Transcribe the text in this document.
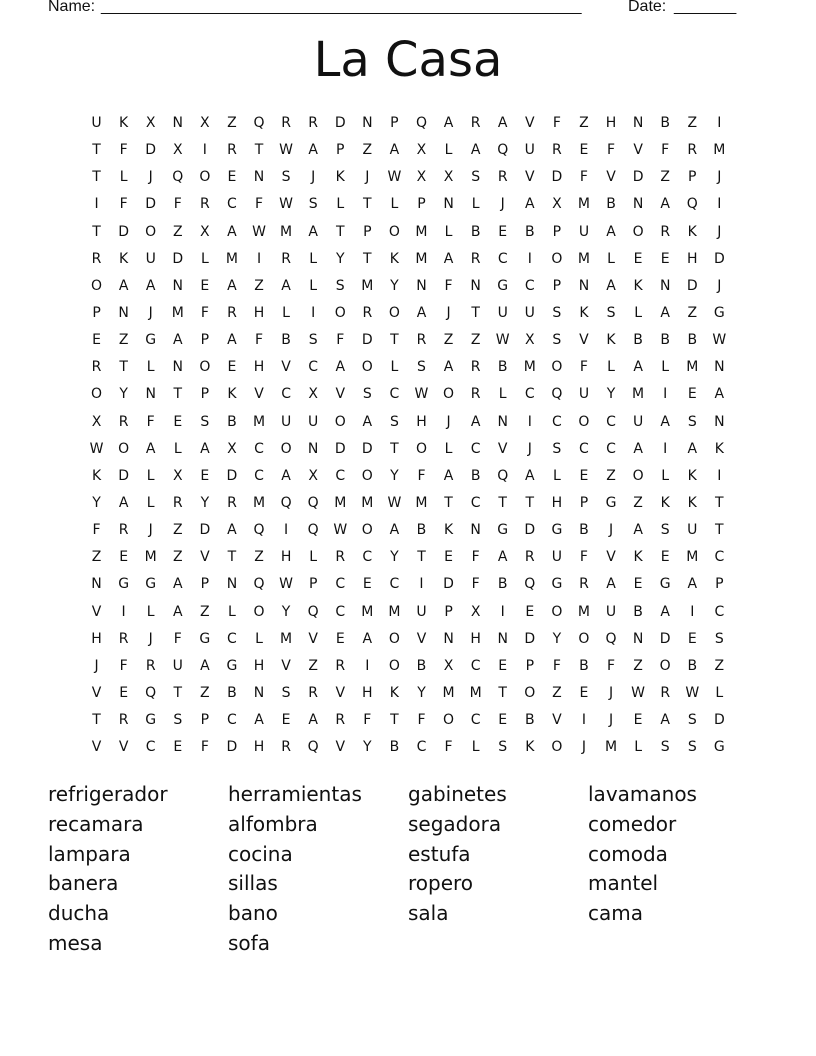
Name: ______________________________________________________	Date: _______
La Casa
U	K	X	N	X	Z	Q	R	R	D	N	P	Q	A	R	A	V	F	Z	H	N	B	Z	I
T	F	D	X	I	R	T	W	A	P	Z	A	X	L	A	Q	U	R	E	F	V	F	R	M
T	L	J	Q	O	E	N	S	J	K	J	W	X	X	S	R	V	D	F	V	D	Z	P	J
I	F	D	F	R	C	F	W	S	L	T	L	P	N	L	J	A	X	M	B	N	A	Q	I
T	D	O	Z	X	A	W	M	A	T	P	O	M	L	B	E	B	P	U	A	O	R	K	J
R	K	U	D	L	M	I	R	L	Y	T	K	M	A	R	C	I	O	M	L	E	E	H	D
O	A	A	N	E	A	Z	A	L	S	M	Y	N	F	N	G	C	P	N	A	K	N	D	J
P	N	J	M	F	R	H	L	I	O	R	O	A	J	T	U	U	S	K	S	L	A	Z	G
E	Z	G	A	P	A	F	B	S	F	D	T	R	Z	Z	W	X	S	V	K	B	B	B	W
R	T	L	N	O	E	H	V	C	A	O	L	S	A	R	B	M	O	F	L	A	L	M	N
O	Y	N	T	P	K	V	C	X	V	S	C	W	O	R	L	C	Q	U	Y	M	I	E	A
X	R	F	E	S	B	M	U	U	O	A	S	H	J	A	N	I	C	O	C	U	A	S	N
W	O	A	L	A	X	C	O	N	D	D	T	O	L	C	V	J	S	C	C	A	I	A	K
K	D	L	X	E	D	C	A	X	C	O	Y	F	A	B	Q	A	L	E	Z	O	L	K	I
Y	A	L	R	Y	R	M	Q	Q	M	M	W	M	T	C	T	T	H	P	G	Z	K	K	T
F	R	J	Z	D	A	Q	I	Q	W	O	A	B	K	N	G	D	G	B	J	A	S	U	T
Z	E	M	Z	V	T	Z	H	L	R	C	Y	T	E	F	A	R	U	F	V	K	E	M	C
N	G	G	A	P	N	Q	W	P	C	E	C	I	D	F	B	Q	G	R	A	E	G	A	P
V	I	L	A	Z	L	O	Y	Q	C	M	M	U	P	X	I	E	O	M	U	B	A	I	C
H	R	J	F	G	C	L	M	V	E	A	O	V	N	H	N	D	Y	O	Q	N	D	E	S
J	F	R	U	A	G	H	V	Z	R	I	O	B	X	C	E	P	F	B	F	Z	O	B	Z
V	E	Q	T	Z	B	N	S	R	V	H	K	Y	M	M	T	O	Z	E	J	W	R	W	L
T	R	G	S	P	C	A	E	A	R	F	T	F	O	C	E	B	V	I	J	E	A	S	D
V	V	C	E	F	D	H	R	Q	V	Y	B	C	F	L	S	K	O	J	M	L	S	S	G
refrigerador
recamara
lampara
banera
ducha
mesa
herramientas
alfombra
cocina
sillas
bano
sofa
gabinetes
segadora
estufa
ropero
sala
lavamanos
comedor
comoda
mantel
cama
